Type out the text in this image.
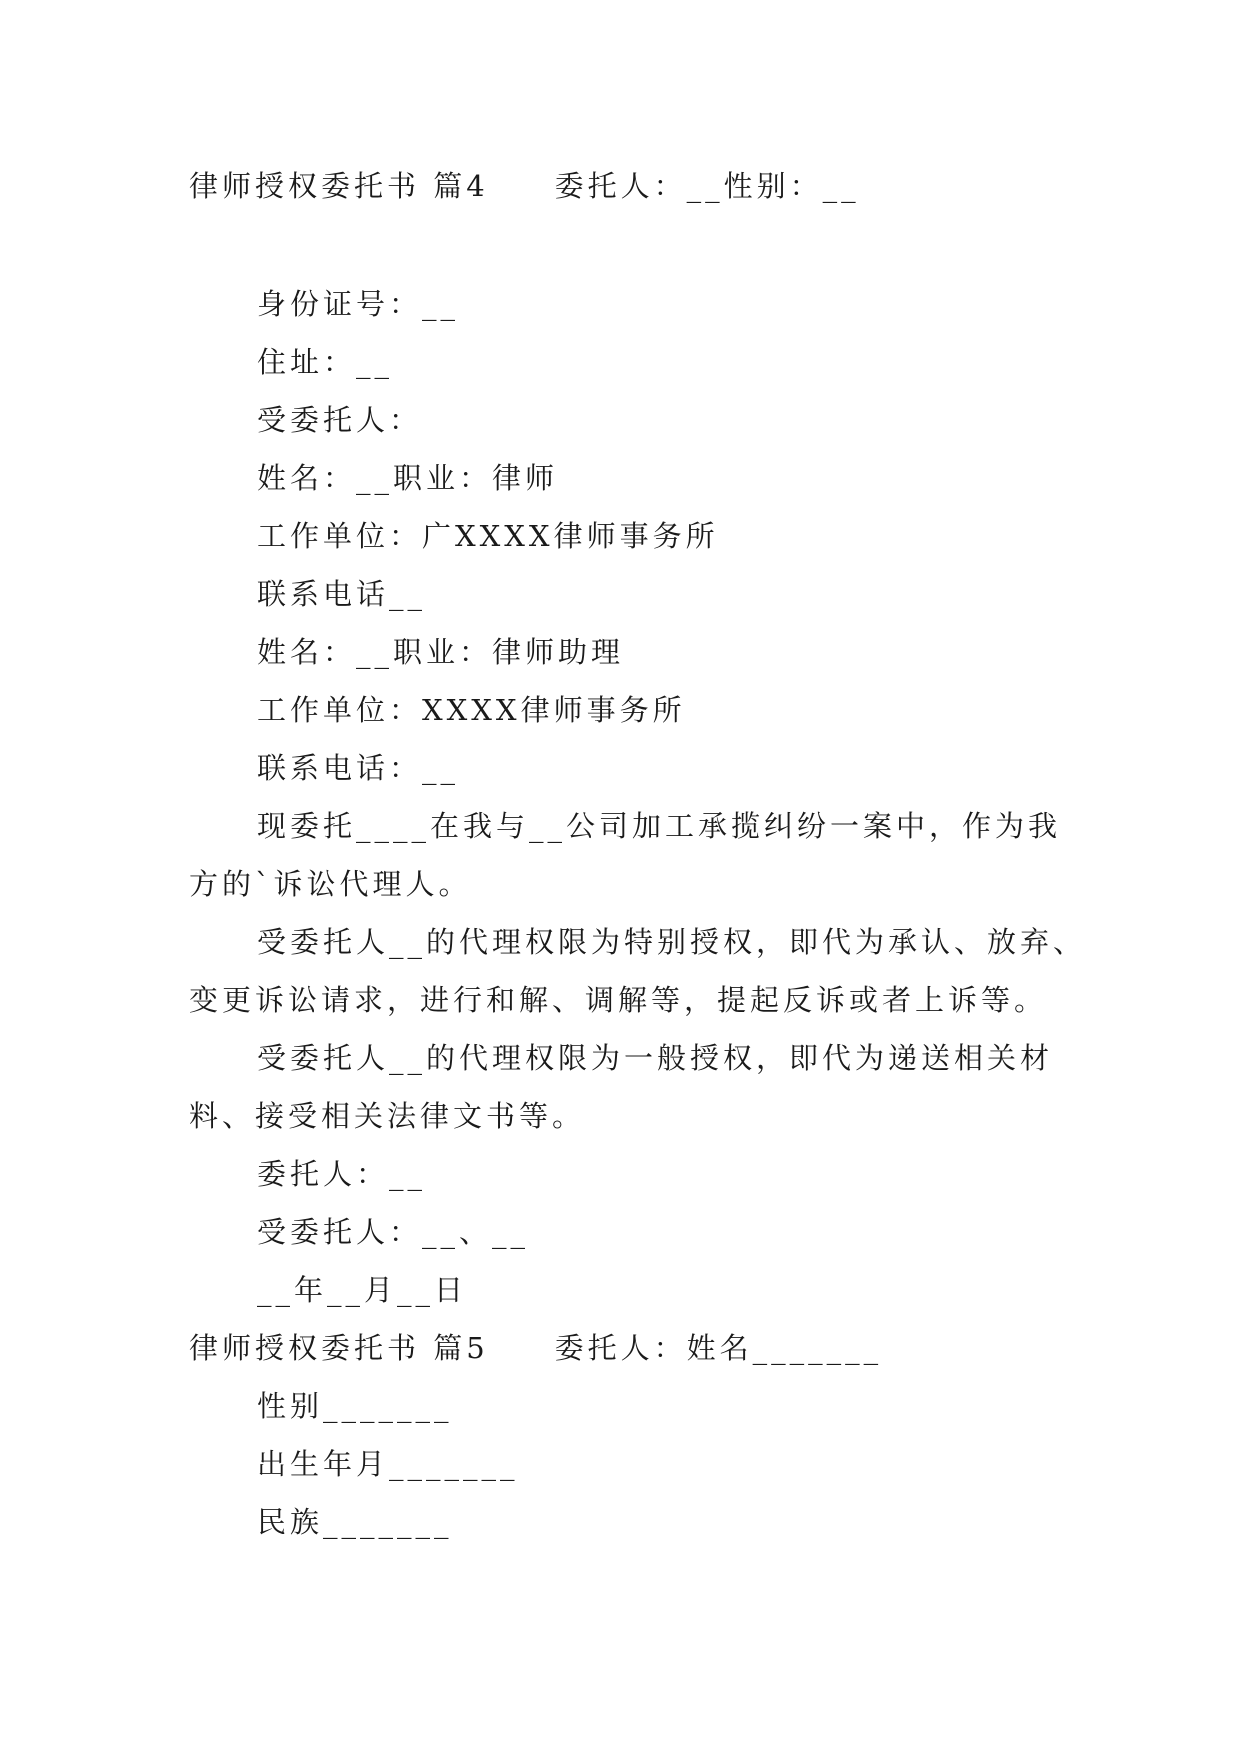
律师授权委托书 篇4　　委托人：__性别：__
身份证号：__
住址：__
受委托人：
姓名：__职业：律师
工作单位：广XXXX律师事务所
联系电话__
姓名：__职业：律师助理
工作单位：XXXX律师事务所
联系电话：__
现委托____在我与__公司加工承揽纠纷一案中，作为我
方的`诉讼代理人。
受委托人__的代理权限为特别授权，即代为承认、放弃、
变更诉讼请求，进行和解、调解等，提起反诉或者上诉等。
受委托人__的代理权限为一般授权，即代为递送相关材
料、接受相关法律文书等。
委托人：__
受委托人：__、__
__年__月__日
律师授权委托书 篇5　　委托人：姓名_______
性别_______
出生年月_______
民族_______
